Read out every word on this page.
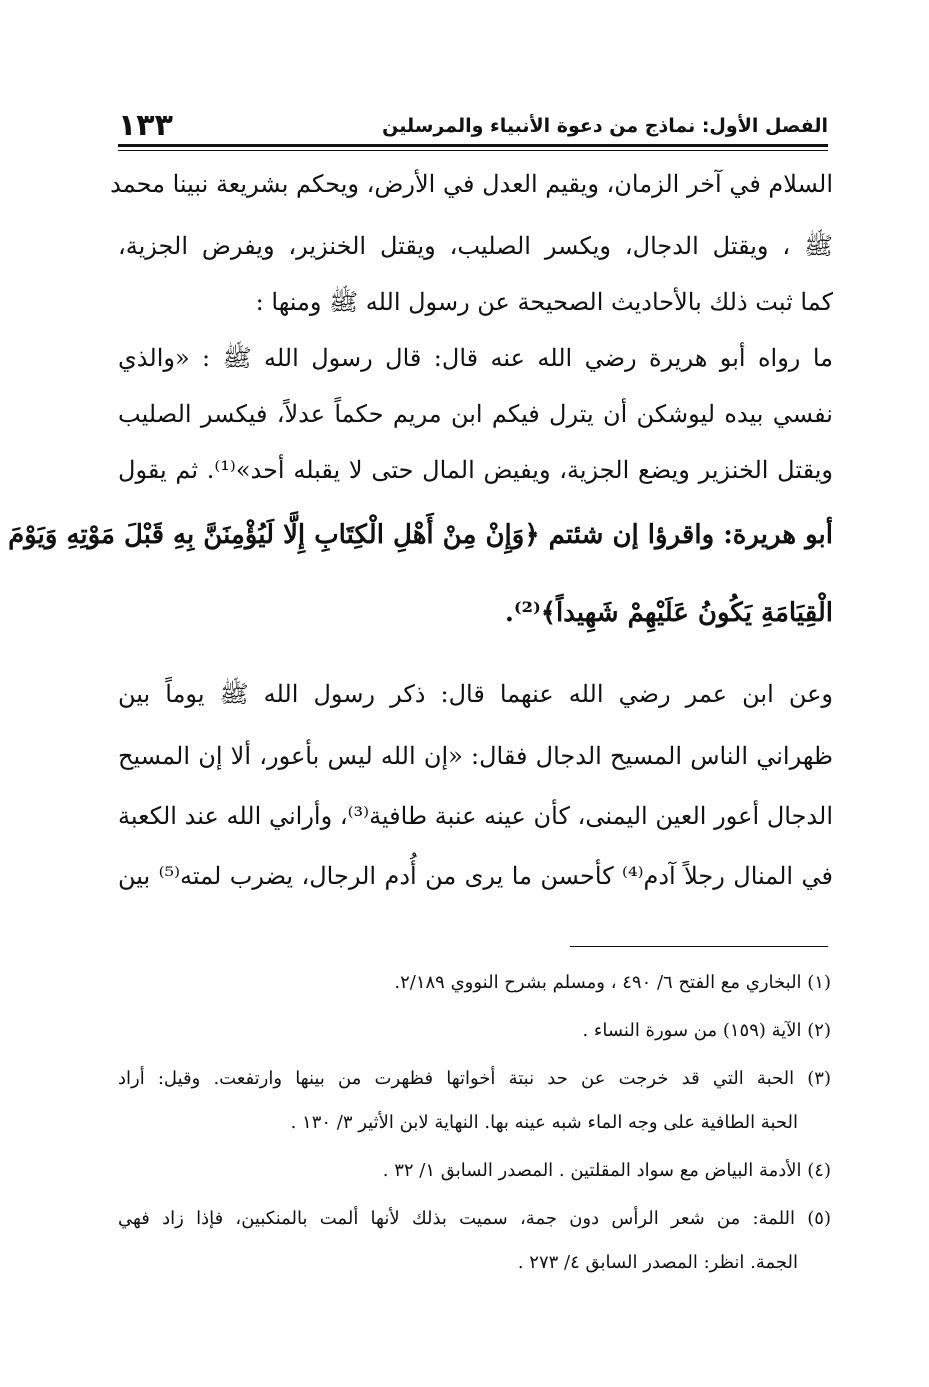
١٣٣	الفصل الأول: نماذج من دعوة الأنبياء والمرسلين
السلام في آخر الزمان، ويقيم العدل في الأرض، ويحكم بشريعة نبينا محمد
ﷺ ، ويقتل الدجال، ويكسر الصليب، ويقتل الخنزير، ويفرض الجزية،
كما ثبت ذلك بالأحاديث الصحيحة عن رسول الله ﷺ ومنها :
ما رواه أبو هريرة رضي الله عنه قال: قال رسول الله ﷺ : «والذي
نفسي بيده ليوشكن أن يترل فيكم ابن مريم حكماً عدلاً، فيكسر الصليب
ويقتل الخنزير ويضع الجزية، ويفيض المال حتى لا يقبله أحد»⁽¹⁾. ثم يقول
أبو هريرة: واقرؤا إن شئتم ﴿وَإِنْ مِنْ أَهْلِ الْكِتَابِ إِلَّا لَيُؤْمِنَنَّ بِهِ قَبْلَ مَوْتِهِ وَيَوْمَ
الْقِيَامَةِ يَكُونُ عَلَيْهِمْ شَهِيداً﴾⁽²⁾.
وعن ابن عمر رضي الله عنهما قال: ذكر رسول الله ﷺ يوماً بين
ظهراني الناس المسيح الدجال فقال: «إن الله ليس بأعور، ألا إن المسيح
الدجال أعور العين اليمنى، كأن عينه عنبة طافية⁽³⁾، وأراني الله عند الكعبة
في المنال رجلاً آدم⁽⁴⁾ كأحسن ما يرى من أُدم الرجال، يضرب لمته⁽⁵⁾ بين
(١) البخاري مع الفتح ٦/ ٤٩٠ ، ومسلم بشرح النووي ٢/١٨٩.
(٢) الآية (١٥٩) من سورة النساء .
(٣) الحبة التي قد خرجت عن حد نبتة أخواتها فظهرت من بينها وارتفعت. وقيل: أراد
الحبة الطافية على وجه الماء شبه عينه بها. النهاية لابن الأثير ٣/ ١٣٠ .
(٤) الأدمة البياض مع سواد المقلتين . المصدر السابق ١/ ٣٢ .
(٥) اللمة: من شعر الرأس دون جمة، سميت بذلك لأنها ألمت بالمنكبين، فإذا زاد فهي
الجمة. انظر: المصدر السابق ٤/ ٢٧٣ .
